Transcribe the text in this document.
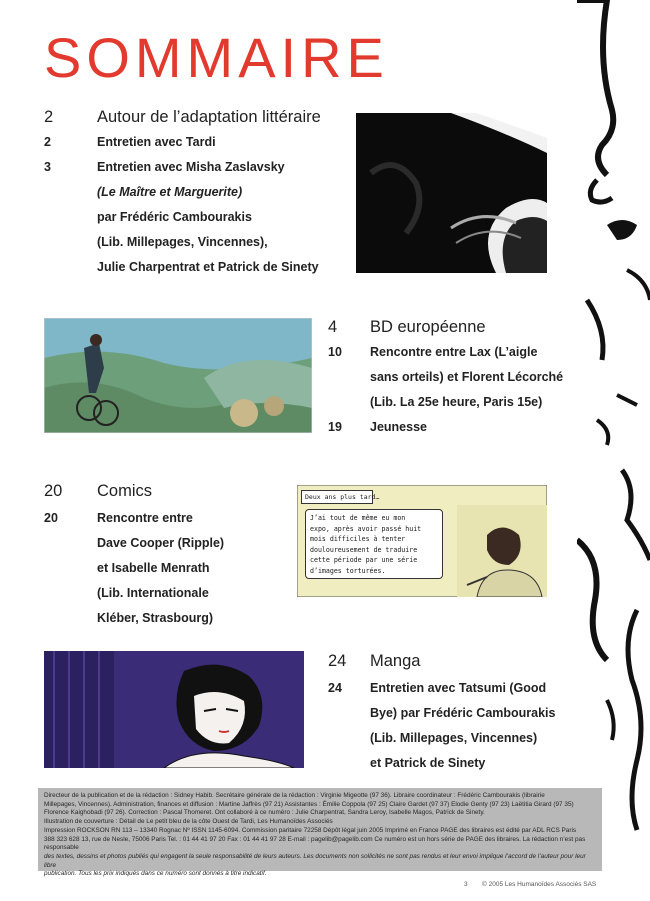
SOMMAIRE
2	Autour de l’adaptation littéraire
2	Entretien avec Tardi
3	Entretien avec Misha Zaslavsky
(Le Maître et Marguerite)
par Frédéric Cambourakis
(Lib. Millepages, Vincennes),
Julie Charpentrat et Patrick de Sinety
4 BD européenne
10 Rencontre entre Lax (L’aigle
sans orteils) et Florent Lécorché
(Lib. La 25e heure, Paris 15e)
19 Jeunesse
20 Comics
20	Rencontre entre
Dave Cooper (Ripple)
et Isabelle Menrath
(Lib. Internationale
Kléber, Strasbourg)
Deux ans plus tard…
J’ai tout de même eu mon
expo, après avoir passé huit
mois difficiles à tenter
douloureusement de traduire
cette période par une série
d’images torturées.
24 Manga
24 Entretien avec Tatsumi (Good
Bye) par Frédéric Cambourakis
(Lib. Millepages, Vincennes)
et Patrick de Sinety
Directeur de la publication et de la rédaction : Sidney Habib. Secrétaire générale de la rédaction : Virginie Migeotte (97 36). Libraire coordinateur : Frédéric Cambourakis (librairie
Millepages, Vincennes). Administration, finances et diffusion : Martine Jaffrès (97 21) Assistantes : Émilie Coppola (97 25) Claire Gardet (97 37) Elodie Genty (97 23) Laëtitia Girard (97 35)
Florence Kaighobadi (97 26). Correction : Pascal Thomeret. Ont collaboré à ce numéro : Julie Charpentrat, Sandra Leroy, Isabelle Magos, Patrick de Sinety.
Illustration de couverture : Détail de Le petit bleu de la côte Ouest de Tardi, Les Humanoïdes Associés
Impression ROCKSON RN 113 – 13340 Rognac Nº ISSN 1145-6094. Commission paritaire 72258 Dépôt légal juin 2005 Imprimé en France PAGE des libraires est édité par ADL RCS Paris
388 323 628 13, rue de Nesle, 75006 Paris Tel. : 01 44 41 97 20 Fax : 01 44 41 97 28 E-mail : pagelib@pagelib.com Ce numéro est un hors série de PAGE des libraires. La rédaction n’est pas responsable
des textes, dessins et photos publiés qui engagent la seule responsabilité de leurs auteurs. Les documents non sollicités ne sont pas rendus et leur envoi implique l’accord de l’auteur pour leur libre
publication. Tous les prix indiqués dans ce numéro sont donnés à titre indicatif.
3 © 2005 Les Humanoïdes Associés SAS
